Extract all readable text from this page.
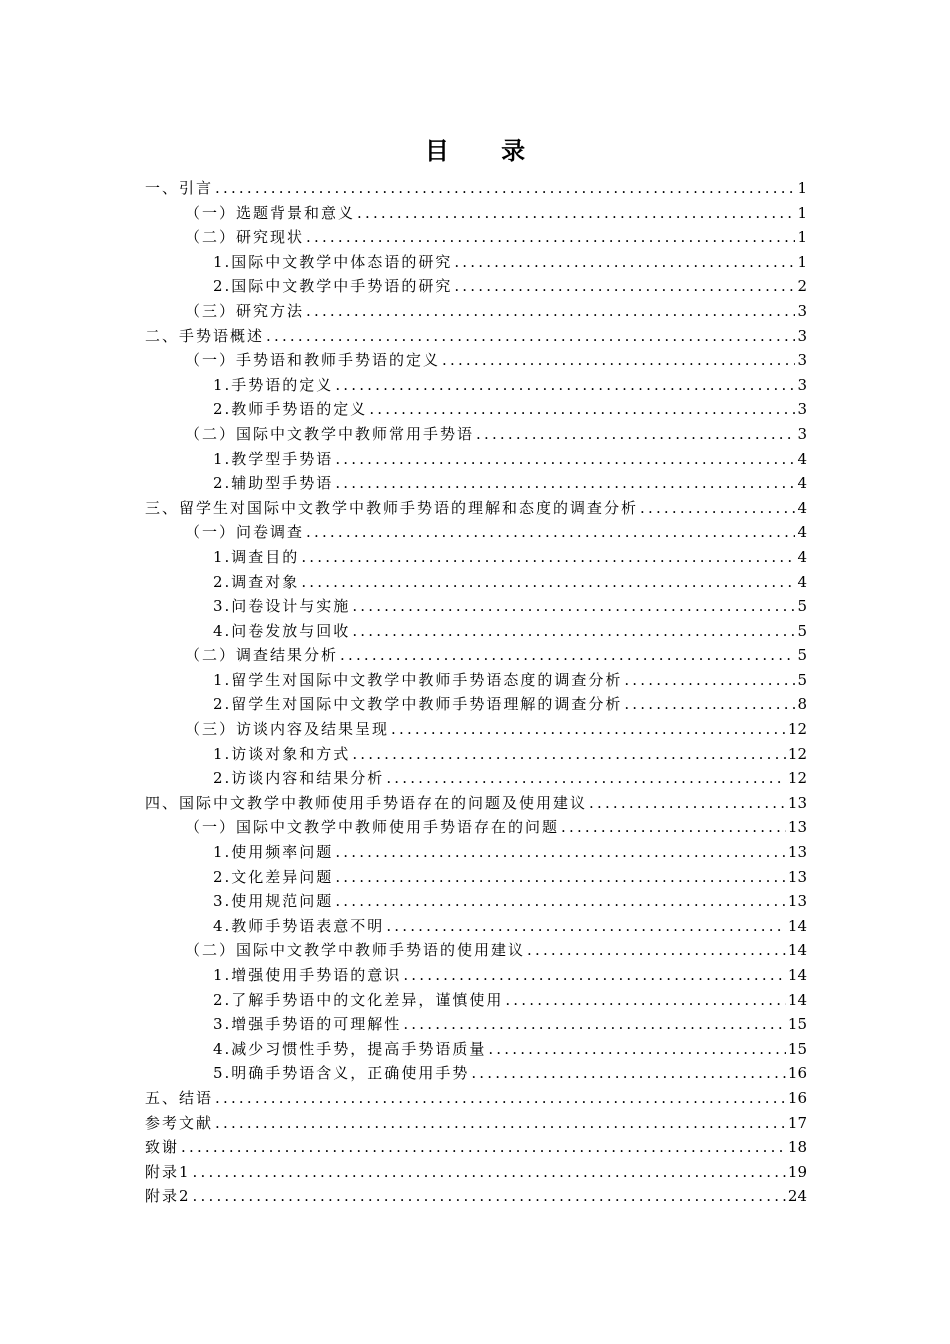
目 录
一、引言 .....	1
（一）选题背景和意义 .....	1
（二）研究现状 .....	1
1.国际中文教学中体态语的研究 .....	1
2.国际中文教学中手势语的研究 .....	2
（三）研究方法 .....	3
二、手势语概述 .....	3
（一）手势语和教师手势语的定义 .....	3
1.手势语的定义 .....	3
2.教师手势语的定义 .....	3
（二）国际中文教学中教师常用手势语 .....	3
1.教学型手势语 .....	4
2.辅助型手势语 .....	4
三、留学生对国际中文教学中教师手势语的理解和态度的调查分析 .....	4
（一）问卷调查 .....	4
1.调查目的 .....	4
2.调查对象 .....	4
3.问卷设计与实施 .....	5
4.问卷发放与回收 .....	5
（二）调查结果分析 .....	5
1.留学生对国际中文教学中教师手势语态度的调查分析 .....	5
2.留学生对国际中文教学中教师手势语理解的调查分析 .....	8
（三）访谈内容及结果呈现 .....	12
1.访谈对象和方式 .....	12
2.访谈内容和结果分析 .....	12
四、国际中文教学中教师使用手势语存在的问题及使用建议 .....	13
（一）国际中文教学中教师使用手势语存在的问题 .....	13
1.使用频率问题 .....	13
2.文化差异问题 .....	13
3.使用规范问题 .....	13
4.教师手势语表意不明 .....	14
（二）国际中文教学中教师手势语的使用建议 .....	14
1.增强使用手势语的意识 .....	14
2.了解手势语中的文化差异，谨慎使用 .....	14
3.增强手势语的可理解性 .....	15
4.减少习惯性手势，提高手势语质量 .....	15
5.明确手势语含义，正确使用手势 .....	16
五、结语 .....	16
参考文献 .....	17
致谢 .....	18
附录1 .....	19
附录2 .....	24
